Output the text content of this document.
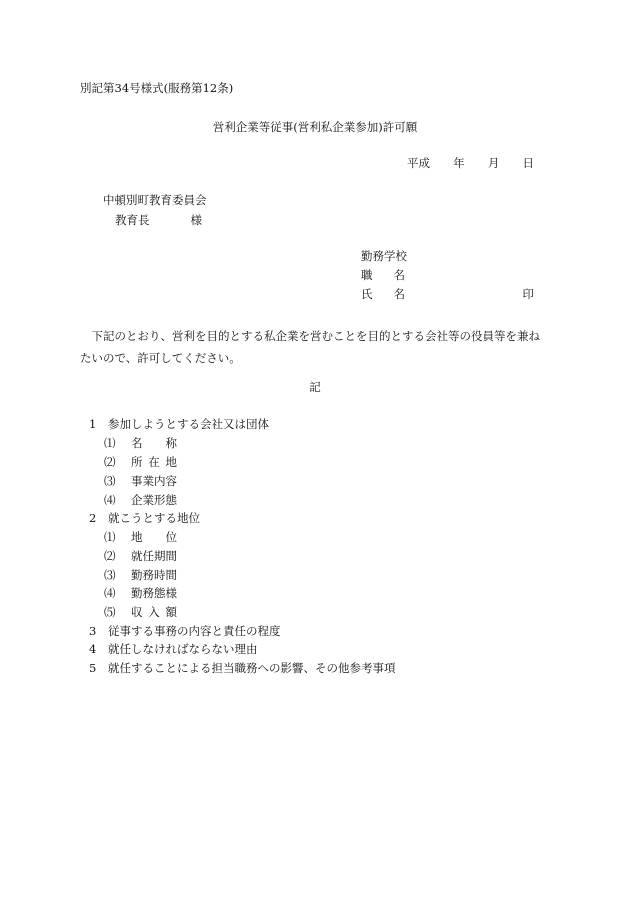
別記第34号様式(服務第12条)
営利企業等従事(営利私企業参加)許可願
平成 年 月 日
中頓別町教育委員会
教育長	様
勤務学校
職 名
氏 名	印
下記のとおり、営利を目的とする私企業を営むことを目的とする会社等の役員等を兼ねたいので、許可してください。
記
1 参加しようとする会社又は団体
⑴ 名 称
⑵ 所 在 地
⑶ 事業内容
⑷ 企業形態
2 就こうとする地位
⑴ 地 位
⑵ 就任期間
⑶ 勤務時間
⑷ 勤務態様
⑸ 収 入 額
3 従事する事務の内容と責任の程度
4 就任しなければならない理由
5 就任することによる担当職務への影響、その他参考事項
